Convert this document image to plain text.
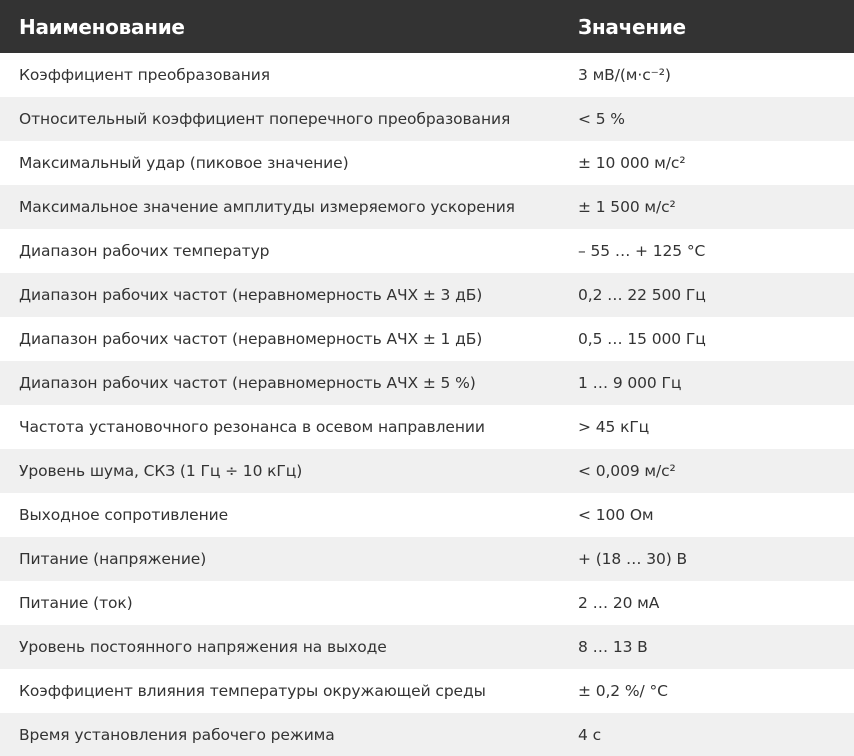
Наименование	Значение
Коэффициент преобразования	3 мВ/(м·с⁻²)
Относительный коэффициент поперечного преобразования	< 5 %
Максимальный удар (пиковое значение)	± 10 000 м/с²
Максимальное значение амплитуды измеряемого ускорения	± 1 500 м/с²
Диапазон рабочих температур	– 55 … + 125 °С
Диапазон рабочих частот (неравномерность АЧХ ± 3 дБ)	0,2 … 22 500 Гц
Диапазон рабочих частот (неравномерность АЧХ ± 1 дБ)	0,5 … 15 000 Гц
Диапазон рабочих частот (неравномерность АЧХ ± 5 %)	1 … 9 000 Гц
Частота установочного резонанса в осевом направлении	> 45 кГц
Уровень шума, СКЗ (1 Гц ÷ 10 кГц)	< 0,009 м/с²
Выходное сопротивление	< 100 Ом
Питание (напряжение)	+ (18 … 30) В
Питание (ток)	2 … 20 мА
Уровень постоянного напряжения на выходе	8 … 13 В
Коэффициент влияния температуры окружающей среды	± 0,2 %/ °С
Время установления рабочего режима	4 с
